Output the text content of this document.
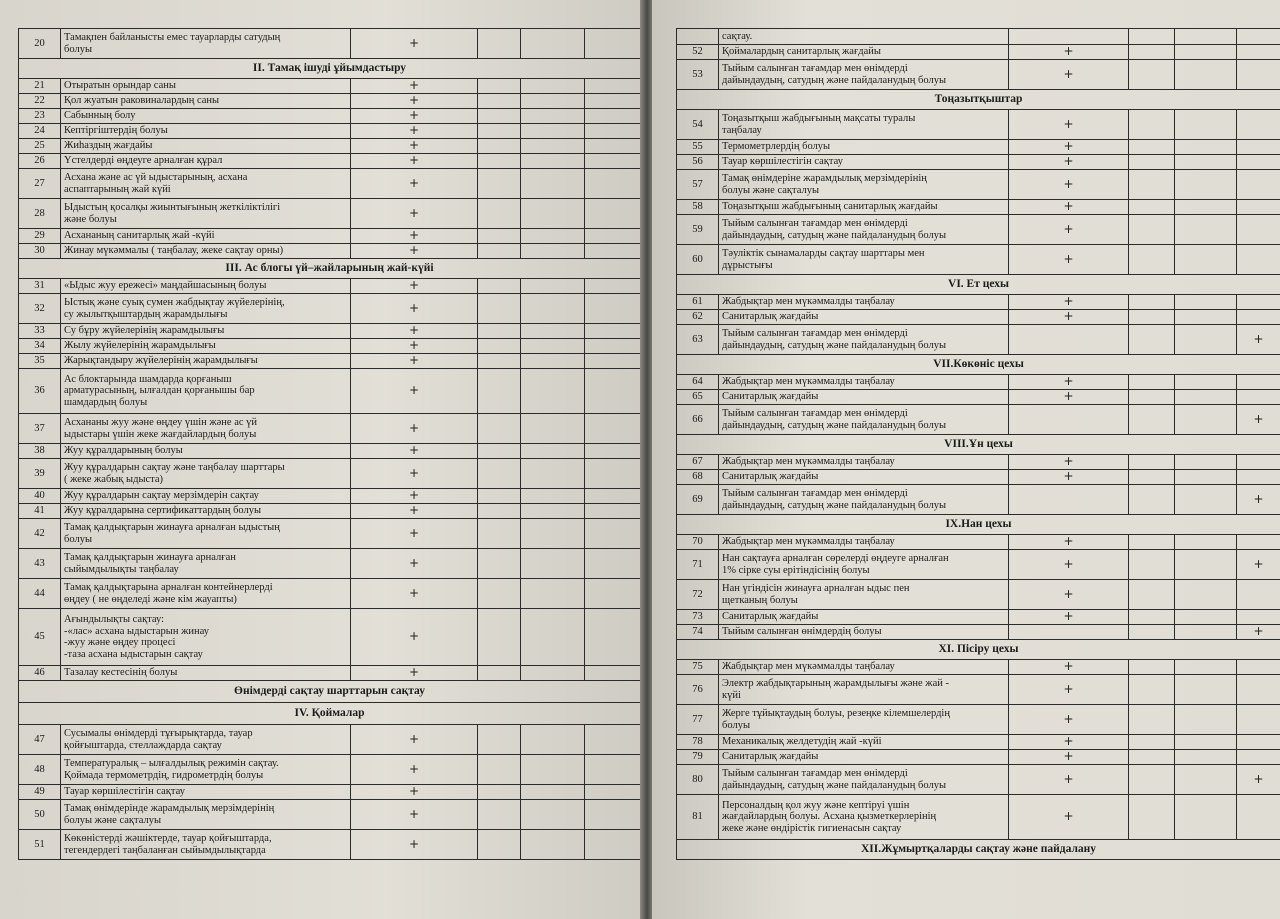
20	Тамақпен байланысты емес тауарларды сатудың
болуы	+			
ІІ. Тамақ ішуді ұйымдастыру					
21	Отыратын орындар саны	+			
22	Қол жуатын раковиналардың саны	+			
23	Сабынның болу	+			
24	Кептіргіштердің болуы	+			
25	Жиһаздың жағдайы	+			
26	Үстелдерді өңдеуге арналған құрал	+			
27	Асхана және ас үй ыдыстарының, асхана
аспаптарының жай күйі	+			
28	Ыдыстың қосалқы жиынтығының жеткіліктілігі
және болуы	+			
29	Асхананың санитарлық жай -күйі	+			
30	Жинау мүкәммалы ( таңбалау, жеке сақтау орны)	+			
ІІІ. Ас блогы үй–жайларының жай-күйі					
31	«Ыдыс жуу ережесі» маңдайшасының болуы	+			
32	Ыстық және суық сумен жабдықтау жүйелерінің,
су жылытқыштардың жарамдылығы	+			
33	Су бұру жүйелерінің жарамдылығы	+			
34	Жылу жүйелерінің жарамдылығы	+			
35	Жарықтандыру жүйелерінің жарамдылығы	+			
36	Ас блоктарында шамдарда қорғаныш
арматурасының, ылғалдан қорғанышы бар
шамдардың болуы	+			
37	Асхананы жуу және өңдеу үшін және ас үй
ыдыстары үшін жеке жағдайлардың болуы	+			
38	Жуу құралдарының болуы	+			
39	Жуу құралдарын сақтау және таңбалау шарттары
( жеке жабық ыдыста)	+			
40	Жуу құралдарын сақтау мерзімдерін сақтау	+			
41	Жуу құралдарына сертификаттардың болуы	+			
42	Тамақ қалдықтарын жинауға арналған ыдыстың
болуы	+			
43	Тамақ қалдықтарын жинауға арналған
сыйымдылықты таңбалау	+			
44	Тамақ қалдықтарына арналған контейнерлерді
өңдеу ( не өңделеді және кім жауапты)	+			
45	Ағындылықты сақтау:
-«лас» асхана ыдыстарын жинау
-жуу және өңдеу процесі
-таза асхана ыдыстарын сақтау	+			
46	Тазалау кестесінің болуы	+			
Өнімдерді сақтау шарттарын сақтау					
ІV. Қоймалар					
47	Сусымалы өнімдерді тұғырықтарда, тауар
қойғыштарда, стеллаждарда сақтау	+			
48	Температуралық – ылғалдылық режимін сақтау.
Қоймада термометрдің, гидрометрдің болуы	+			
49	Тауар көршілестігін сақтау	+			
50	Тамақ өнімдеріндe жарамдылық мерзімдерінің
болуы және сақталуы	+			
51	Көкөністерді жәшіктерде, тауар қойғыштарда,
тегендердегі таңбаланған сыйымдылықтарда	+			
	сақтау.				
52	Қоймалардың санитарлық жағдайы	+			
53	Тыйым салынған тағамдар мен өнімдерді
дайындаудың, сатудың және пайдаланудың болуы	+			
Тоңазытқыштар					
54	Тоңазытқыш жабдығының мақсаты туралы
таңбалау	+			
55	Термометрлердің болуы	+			
56	Тауар көршілестігін сақтау	+			
57	Тамақ өнімдеріне жарамдылық мерзімдерінің
болуы және сақталуы	+			
58	Тоңазытқыш жабдығының санитарлық жағдайы	+			
59	Тыйым салынған тағамдар мен өнімдерді
дайындаудың, сатудың және пайдаланудың болуы	+			
60	Тәуліктік сынамаларды сақтау шарттары мен
дұрыстығы	+			
VI. Ет цехы					
61	Жабдықтар мен мүкәммалды таңбалау	+			
62	Санитарлық жағдайы	+			
63	Тыйым салынған тағамдар мен өнімдерді
дайындаудың, сатудың және пайдаланудың болуы				+
VІІ.Көкөніс цехы					
64	Жабдықтар мен мүкәммалды таңбалау	+			
65	Санитарлық жағдайы	+			
66	Тыйым салынған тағамдар мен өнімдерді
дайындаудың, сатудың және пайдаланудың болуы				+
VІІІ.Ұн цехы					
67	Жабдықтар мен мүкәммалды таңбалау	+			
68	Санитарлық жағдайы	+			
69	Тыйым салынған тағамдар мен өнімдерді
дайындаудың, сатудың және пайдаланудың болуы				+
ІХ.Нан цехы					
70	Жабдықтар мен мүкәммалды таңбалау	+			
71	Нан сақтауға арналған сөрелерді өңдеуге арналған
1% сірке суы ерітіндісінің болуы	+			+
72	Нан үгіндісін жинауға арналған ыдыс пен
щетканың болуы	+			
73	Санитарлық жағдайы	+			
74	Тыйым салынған өнімдердің болуы				+
ХІ. Пісіру цехы					
75	Жабдықтар мен мүкәммалды таңбалау	+			
76	Электр жабдықтарының жарамдылығы және жай -
күйі	+			
77	Жерге тұйықтаудың болуы, резеңке кілемшелердің
болуы	+			
78	Механикалық желдетудің жай -күйі	+			
79	Санитарлық жағдайы	+			
80	Тыйым салынған тағамдар мен өнімдерді
дайындаудың, сатудың және пайдаланудың болуы	+			+
81	Персоналдың қол жуу және кептіруі үшін
жағдайлардың болуы. Асхана қызметкерлерінің
жеке және өндірістік гигиенасын сақтау	+			
ХІІ.Жұмыртқаларды сақтау және пайдалану					
